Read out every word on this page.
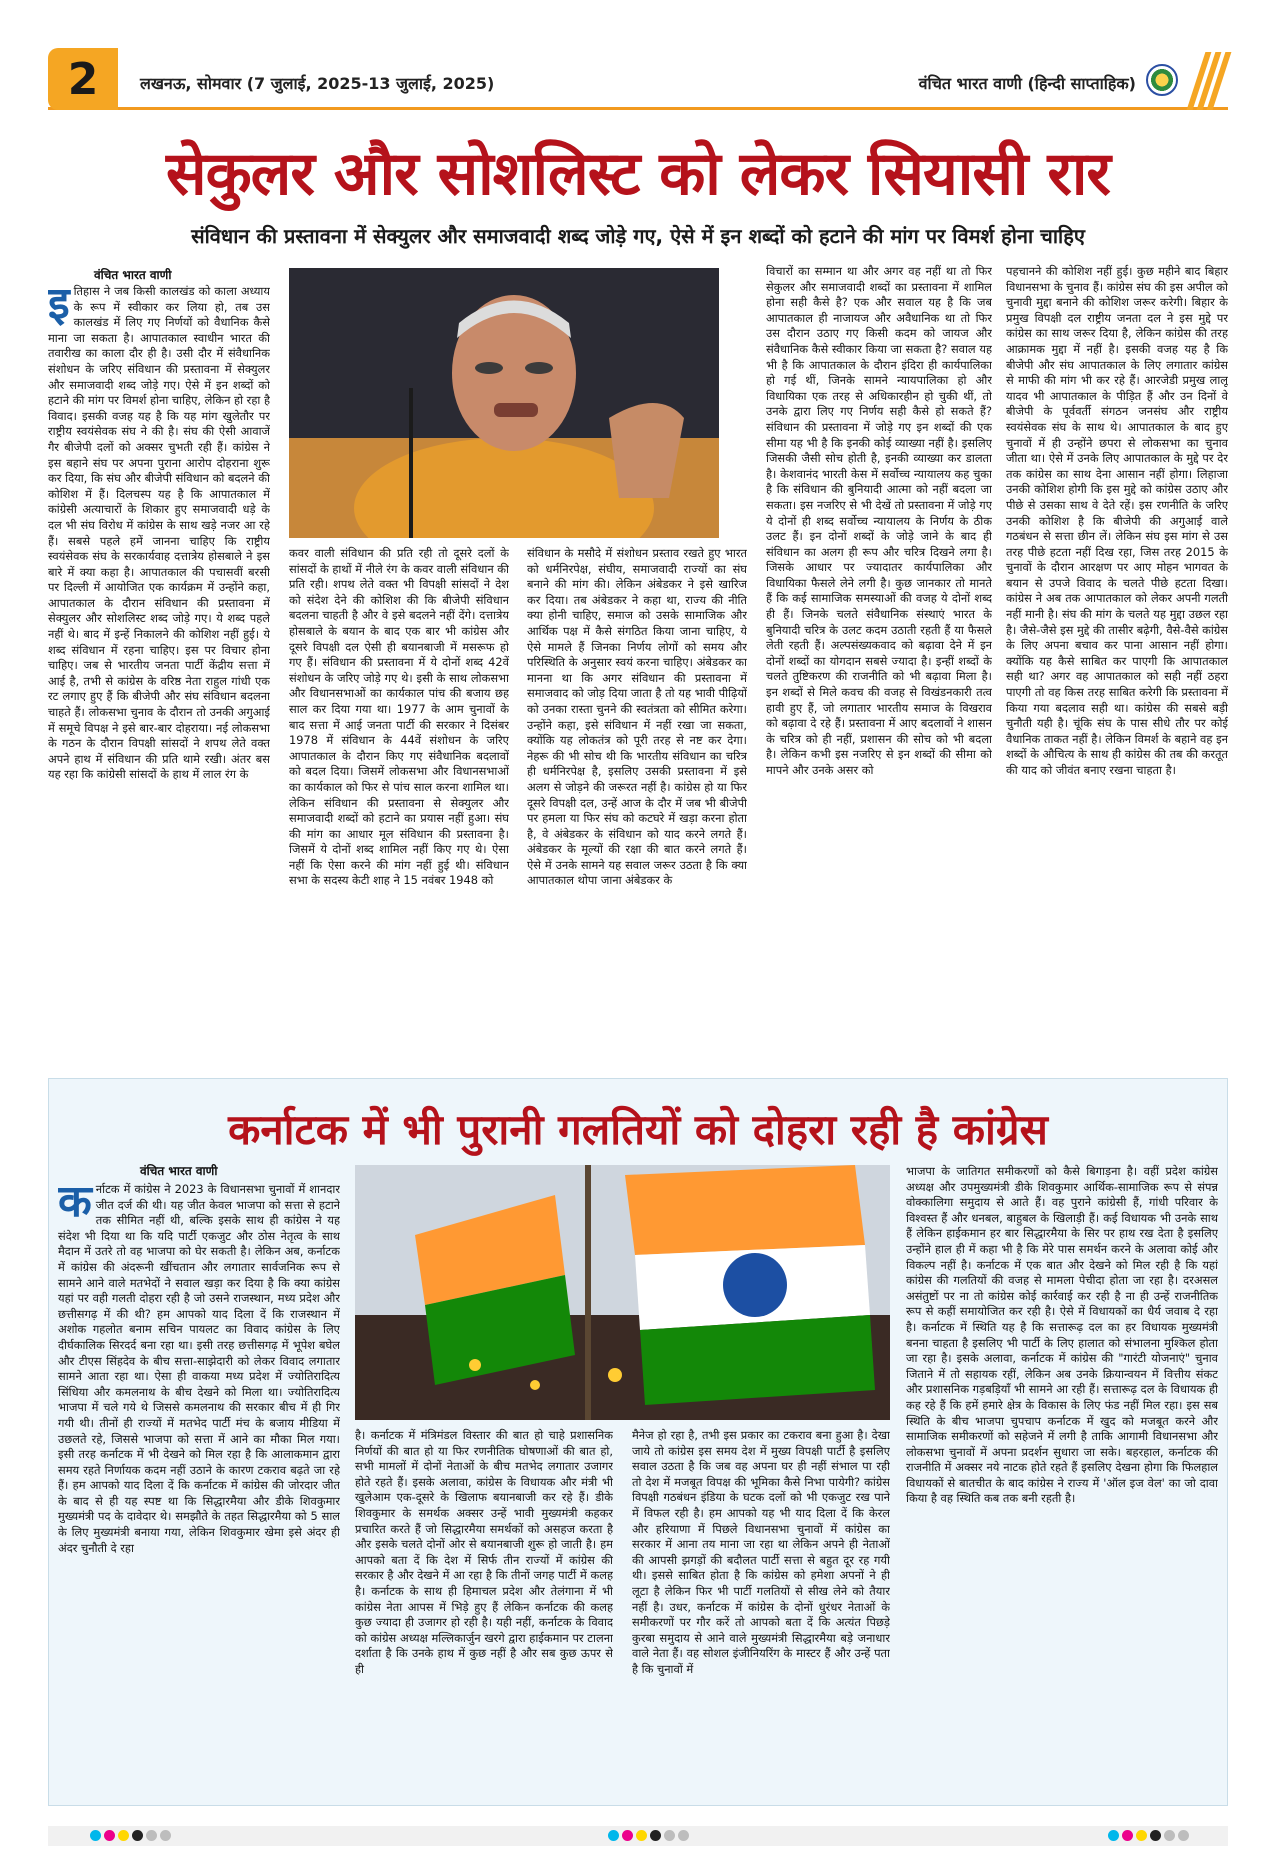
2	लखनऊ, सोमवार (7 जुलाई, 2025-13 जुलाई, 2025)	वंचित भारत वाणी (हिन्दी साप्ताहिक)
सेकुलर और सोशलिस्ट को लेकर सियासी रार
संविधान की प्रस्तावना में सेक्युलर और समाजवादी शब्द जोड़े गए, ऐसे में इन शब्दों को हटाने की मांग पर विमर्श होना चाहिए
वंचित भारत वाणी
इतिहास ने जब किसी कालखंड को काला अध्याय के रूप में स्वीकार कर लिया हो, तब उस कालखंड में लिए गए निर्णयों को वैधानिक कैसे माना जा सकता है। आपातकाल स्वाधीन भारत की तवारीख का काला दौर ही है। उसी दौर में संवैधानिक संशोधन के जरिए संविधान की प्रस्तावना में सेक्युलर और समाजवादी शब्द जोड़े गए। ऐसे में इन शब्दों को हटाने की मांग पर विमर्श होना चाहिए, लेकिन हो रहा है विवाद। इसकी वजह यह है कि यह मांग खुलेतौर पर राष्ट्रीय स्वयंसेवक संघ ने की है। संघ की ऐसी आवाजें गैर बीजेपी दलों को अक्सर चुभती रही हैं। कांग्रेस ने इस बहाने संघ पर अपना पुराना आरोप दोहराना शुरू कर दिया, कि संघ और बीजेपी संविधान को बदलने की कोशिश में हैं। दिलचस्प यह है कि आपातकाल में कांग्रेसी अत्याचारों के शिकार हुए समाजवादी धड़े के दल भी संघ विरोध में कांग्रेस के साथ खड़े नजर आ रहे हैं। सबसे पहले हमें जानना चाहिए कि राष्ट्रीय स्वयंसेवक संघ के सरकार्यवाह दत्तात्रेय होसबाले ने इस बारे में क्या कहा है। आपातकाल की पचासवीं बरसी पर दिल्ली में आयोजित एक कार्यक्रम में उन्होंने कहा, आपातकाल के दौरान संविधान की प्रस्तावना में सेक्युलर और सोशलिस्ट शब्द जोड़े गए। ये शब्द पहले नहीं थे। बाद में इन्हें निकालने की कोशिश नहीं हुई। ये शब्द संविधान में रहना चाहिए। इस पर विचार होना चाहिए। जब से भारतीय जनता पार्टी केंद्रीय सत्ता में आई है, तभी से कांग्रेस के वरिष्ठ नेता राहुल गांधी एक रट लगाए हुए हैं कि बीजेपी और संघ संविधान बदलना चाहते हैं। लोकसभा चुनाव के दौरान तो उनकी अगुआई में समूचे विपक्ष ने इसे बार-बार दोहराया। नई लोकसभा के गठन के दौरान विपक्षी सांसदों ने शपथ लेते वक्त अपने हाथ में संविधान की प्रति थामे रखी। अंतर बस यह रहा कि कांग्रेसी सांसदों के हाथ में लाल रंग के
कवर वाली संविधान की प्रति रही तो दूसरे दलों के सांसदों के हाथों में नीले रंग के कवर वाली संविधान की प्रति रही। शपथ लेते वक्त भी विपक्षी सांसदों ने देश को संदेश देने की कोशिश की कि बीजेपी संविधान बदलना चाहती है और वे इसे बदलने नहीं देंगे। दत्तात्रेय होसबाले के बयान के बाद एक बार भी कांग्रेस और दूसरे विपक्षी दल ऐसी ही बयानबाजी में मसरूफ हो गए हैं। संविधान की प्रस्तावना में ये दोनों शब्द 42वें संशोधन के जरिए जोड़े गए थे। इसी के साथ लोकसभा और विधानसभाओं का कार्यकाल पांच की बजाय छह साल कर दिया गया था। 1977 के आम चुनावों के बाद सत्ता में आई जनता पार्टी की सरकार ने दिसंबर 1978 में संविधान के 44वें संशोधन के जरिए आपातकाल के दौरान किए गए संवैधानिक बदलावों को बदल दिया। जिसमें लोकसभा और विधानसभाओं का कार्यकाल को फिर से पांच साल करना शामिल था। लेकिन संविधान की प्रस्तावना से सेक्युलर और समाजवादी शब्दों को हटाने का प्रयास नहीं हुआ। संघ की मांग का आधार मूल संविधान की प्रस्तावना है। जिसमें ये दोनों शब्द शामिल नहीं किए गए थे। ऐसा नहीं कि ऐसा करने की मांग नहीं हुई थी। संविधान सभा के सदस्य केटी शाह ने 15 नवंबर 1948 को
संविधान के मसौदे में संशोधन प्रस्ताव रखते हुए भारत को धर्मनिरपेक्ष, संघीय, समाजवादी राज्यों का संघ बनाने की मांग की। लेकिन अंबेडकर ने इसे खारिज कर दिया। तब अंबेडकर ने कहा था, राज्य की नीति क्या होनी चाहिए, समाज को उसके सामाजिक और आर्थिक पक्ष में कैसे संगठित किया जाना चाहिए, ये ऐसे मामले हैं जिनका निर्णय लोगों को समय और परिस्थिति के अनुसार स्वयं करना चाहिए। अंबेडकर का मानना था कि अगर संविधान की प्रस्तावना में समाजवाद को जोड़ दिया जाता है तो यह भावी पीढ़ियों को उनका रास्ता चुनने की स्वतंत्रता को सीमित करेगा। उन्होंने कहा, इसे संविधान में नहीं रखा जा सकता, क्योंकि यह लोकतंत्र को पूरी तरह से नष्ट कर देगा। नेहरू की भी सोच थी कि भारतीय संविधान का चरित्र ही धर्मनिरपेक्ष है, इसलिए उसकी प्रस्तावना में इसे अलग से जोड़ने की जरूरत नहीं है। कांग्रेस हो या फिर दूसरे विपक्षी दल, उन्हें आज के दौर में जब भी बीजेपी पर हमला या फिर संघ को कटघरे में खड़ा करना होता है, वे अंबेडकर के संविधान को याद करने लगते हैं। अंबेडकर के मूल्यों की रक्षा की बात करने लगते हैं। ऐसे में उनके सामने यह सवाल जरूर उठता है कि क्या आपातकाल थोपा जाना अंबेडकर के
विचारों का सम्मान था और अगर वह नहीं था तो फिर सेकुलर और समाजवादी शब्दों का प्रस्तावना में शामिल होना सही कैसे है? एक और सवाल यह है कि जब आपातकाल ही नाजायज और अवैधानिक था तो फिर उस दौरान उठाए गए किसी कदम को जायज और संवैधानिक कैसे स्वीकार किया जा सकता है? सवाल यह भी है कि आपातकाल के दौरान इंदिरा ही कार्यपालिका हो गई थीं, जिनके सामने न्यायपालिका हो और विधायिका एक तरह से अधिकारहीन हो चुकी थीं, तो उनके द्वारा लिए गए निर्णय सही कैसे हो सकते हैं? संविधान की प्रस्तावना में जोड़े गए इन शब्दों की एक सीमा यह भी है कि इनकी कोई व्याख्या नहीं है। इसलिए जिसकी जैसी सोच होती है, इनकी व्याख्या कर डालता है। केशवानंद भारती केस में सर्वोच्च न्यायालय कह चुका है कि संविधान की बुनियादी आत्मा को नहीं बदला जा सकता। इस नजरिए से भी देखें तो प्रस्तावना में जोड़े गए ये दोनों ही शब्द सर्वोच्च न्यायालय के निर्णय के ठीक उलट हैं। इन दोनों शब्दों के जोड़े जाने के बाद ही संविधान का अलग ही रूप और चरित्र दिखने लगा है। जिसके आधार पर ज्यादातर कार्यपालिका और विधायिका फैसले लेने लगी है। कुछ जानकार तो मानते हैं कि कई सामाजिक समस्याओं की वजह ये दोनों शब्द ही हैं। जिनके चलते संवैधानिक संस्थाएं भारत के बुनियादी चरित्र के उलट कदम उठाती रहती हैं या फैसले लेती रहती हैं। अल्पसंख्यकवाद को बढ़ावा देने में इन दोनों शब्दों का योगदान सबसे ज्यादा है। इन्हीं शब्दों के चलते तुष्टिकरण की राजनीति को भी बढ़ावा मिला है। इन शब्दों से मिले कवच की वजह से विखंडनकारी तत्व हावी हुए हैं, जो लगातार भारतीय समाज के विखराव को बढ़ावा दे रहे हैं। प्रस्तावना में आए बदलावों ने शासन के चरित्र को ही नहीं, प्रशासन की सोच को भी बदला है। लेकिन कभी इस नजरिए से इन शब्दों की सीमा को मापने और उनके असर को
पहचानने की कोशिश नहीं हुई। कुछ महीने बाद बिहार विधानसभा के चुनाव हैं। कांग्रेस संघ की इस अपील को चुनावी मुद्दा बनाने की कोशिश जरूर करेगी। बिहार के प्रमुख विपक्षी दल राष्ट्रीय जनता दल ने इस मुद्दे पर कांग्रेस का साथ जरूर दिया है, लेकिन कांग्रेस की तरह आक्रामक मुद्दा में नहीं है। इसकी वजह यह है कि बीजेपी और संघ आपातकाल के लिए लगातार कांग्रेस से माफी की मांग भी कर रहे हैं। आरजेडी प्रमुख लालू यादव भी आपातकाल के पीड़ित हैं और उन दिनों वे बीजेपी के पूर्ववर्ती संगठन जनसंघ और राष्ट्रीय स्वयंसेवक संघ के साथ थे। आपातकाल के बाद हुए चुनावों में ही उन्होंने छपरा से लोकसभा का चुनाव जीता था। ऐसे में उनके लिए आपातकाल के मुद्दे पर देर तक कांग्रेस का साथ देना आसान नहीं होगा। लिहाजा उनकी कोशिश होगी कि इस मुद्दे को कांग्रेस उठाए और पीछे से उसका साथ वे देते रहें। इस रणनीति के जरिए उनकी कोशिश है कि बीजेपी की अगुआई वाले गठबंधन से सत्ता छीन लें। लेकिन संघ इस मांग से उस तरह पीछे हटता नहीं दिख रहा, जिस तरह 2015 के चुनावों के दौरान आरक्षण पर आए मोहन भागवत के बयान से उपजे विवाद के चलते पीछे हटता दिखा। कांग्रेस ने अब तक आपातकाल को लेकर अपनी गलती नहीं मानी है। संघ की मांग के चलते यह मुद्दा उछल रहा है। जैसे-जैसे इस मुद्दे की तासीर बढ़ेगी, वैसे-वैसे कांग्रेस के लिए अपना बचाव कर पाना आसान नहीं होगा। क्योंकि यह कैसे साबित कर पाएगी कि आपातकाल सही था? अगर वह आपातकाल को सही नहीं ठहरा पाएगी तो वह किस तरह साबित करेगी कि प्रस्तावना में किया गया बदलाव सही था। कांग्रेस की सबसे बड़ी चुनौती यही है। चूंकि संघ के पास सीधे तौर पर कोई वैधानिक ताकत नहीं है। लेकिन विमर्श के बहाने वह इन शब्दों के औचित्य के साथ ही कांग्रेस की तब की करतूत की याद को जीवंत बनाए रखना चाहता है।
कर्नाटक में भी पुरानी गलतियों को दोहरा रही है कांग्रेस
वंचित भारत वाणी
कर्नाटक में कांग्रेस ने 2023 के विधानसभा चुनावों में शानदार जीत दर्ज की थी। यह जीत केवल भाजपा को सत्ता से हटाने तक सीमित नहीं थी, बल्कि इसके साथ ही कांग्रेस ने यह संदेश भी दिया था कि यदि पार्टी एकजुट और ठोस नेतृत्व के साथ मैदान में उतरे तो वह भाजपा को घेर सकती है। लेकिन अब, कर्नाटक में कांग्रेस की अंदरूनी खींचतान और लगातार सार्वजनिक रूप से सामने आने वाले मतभेदों ने सवाल खड़ा कर दिया है कि क्या कांग्रेस यहां पर वही गलती दोहरा रही है जो उसने राजस्थान, मध्य प्रदेश और छत्तीसगढ़ में की थी? हम आपको याद दिला दें कि राजस्थान में अशोक गहलोत बनाम सचिन पायलट का विवाद कांग्रेस के लिए दीर्घकालिक सिरदर्द बना रहा था। इसी तरह छत्तीसगढ़ में भूपेश बघेल और टीएस सिंहदेव के बीच सत्ता-साझेदारी को लेकर विवाद लगातार सामने आता रहा था। ऐसा ही वाकया मध्य प्रदेश में ज्योतिरादित्य सिंधिया और कमलनाथ के बीच देखने को मिला था। ज्योतिरादित्य भाजपा में चले गये थे जिससे कमलनाथ की सरकार बीच में ही गिर गयी थी। तीनों ही राज्यों में मतभेद पार्टी मंच के बजाय मीडिया में उछलते रहे, जिससे भाजपा को सत्ता में आने का मौका मिल गया। इसी तरह कर्नाटक में भी देखने को मिल रहा है कि आलाकमान द्वारा समय रहते निर्णायक कदम नहीं उठाने के कारण टकराव बढ़ते जा रहे हैं। हम आपको याद दिला दें कि कर्नाटक में कांग्रेस की जोरदार जीत के बाद से ही यह स्पष्ट था कि सिद्धारमैया और डीके शिवकुमार मुख्यमंत्री पद के दावेदार थे। समझौते के तहत सिद्धारमैया को 5 साल के लिए मुख्यमंत्री बनाया गया, लेकिन शिवकुमार खेमा इसे अंदर ही अंदर चुनौती दे रहा
है। कर्नाटक में मंत्रिमंडल विस्तार की बात हो चाहे प्रशासनिक निर्णयों की बात हो या फिर रणनीतिक घोषणाओं की बात हो, सभी मामलों में दोनों नेताओं के बीच मतभेद लगातार उजागर होते रहते हैं। इसके अलावा, कांग्रेस के विधायक और मंत्री भी खुलेआम एक-दूसरे के खिलाफ बयानबाजी कर रहे हैं। डीके शिवकुमार के समर्थक अक्सर उन्हें भावी मुख्यमंत्री कहकर प्रचारित करते हैं जो सिद्धारमैया समर्थकों को असहज करता है और इसके चलते दोनों ओर से बयानबाजी शुरू हो जाती है। हम आपको बता दें कि देश में सिर्फ तीन राज्यों में कांग्रेस की सरकार है और देखने में आ रहा है कि तीनों जगह पार्टी में कलह है। कर्नाटक के साथ ही हिमाचल प्रदेश और तेलंगाना में भी कांग्रेस नेता आपस में भिड़े हुए हैं लेकिन कर्नाटक की कलह कुछ ज्यादा ही उजागर हो रही है। यही नहीं, कर्नाटक के विवाद को कांग्रेस अध्यक्ष मल्लिकार्जुन खरगे द्वारा हाईकमान पर टालना दर्शाता है कि उनके हाथ में कुछ नहीं है और सब कुछ ऊपर से ही
मैनेज हो रहा है, तभी इस प्रकार का टकराव बना हुआ है। देखा जाये तो कांग्रेस इस समय देश में मुख्य विपक्षी पार्टी है इसलिए सवाल उठता है कि जब वह अपना घर ही नहीं संभाल पा रही तो देश में मजबूत विपक्ष की भूमिका कैसे निभा पायेगी? कांग्रेस विपक्षी गठबंधन इंडिया के घटक दलों को भी एकजुट रख पाने में विफल रही है। हम आपको यह भी याद दिला दें कि केरल और हरियाणा में पिछले विधानसभा चुनावों में कांग्रेस का सरकार में आना तय माना जा रहा था लेकिन अपने ही नेताओं की आपसी झगड़ों की बदौलत पार्टी सत्ता से बहुत दूर रह गयी थी। इससे साबित होता है कि कांग्रेस को हमेशा अपनों ने ही लूटा है लेकिन फिर भी पार्टी गलतियों से सीख लेने को तैयार नहीं है। उधर, कर्नाटक में कांग्रेस के दोनों धुरंधर नेताओं के समीकरणों पर गौर करें तो आपको बता दें कि अत्यंत पिछड़े कुरबा समुदाय से आने वाले मुख्यमंत्री सिद्धारमैया बड़े जनाधार वाले नेता हैं। वह सोशल इंजीनियरिंग के मास्टर हैं और उन्हें पता है कि चुनावों में
भाजपा के जातिगत समीकरणों को कैसे बिगाड़ना है। वहीं प्रदेश कांग्रेस अध्यक्ष और उपमुख्यमंत्री डीके शिवकुमार आर्थिक-सामाजिक रूप से संपन्न वोक्कालिगा समुदाय से आते हैं। वह पुराने कांग्रेसी हैं, गांधी परिवार के विश्वस्त हैं और धनबल, बाहुबल के खिलाड़ी हैं। कई विधायक भी उनके साथ हैं लेकिन हाईकमान हर बार सिद्धारमैया के सिर पर हाथ रख देता है इसलिए उन्होंने हाल ही में कहा भी है कि मेरे पास समर्थन करने के अलावा कोई और विकल्प नहीं है। कर्नाटक में एक बात और देखने को मिल रही है कि यहां कांग्रेस की गलतियों की वजह से मामला पेचीदा होता जा रहा है। दरअसल असंतुष्टों पर ना तो कांग्रेस कोई कार्रवाई कर रही है ना ही उन्हें राजनीतिक रूप से कहीं समायोजित कर रही है। ऐसे में विधायकों का धैर्य जवाब दे रहा है। कर्नाटक में स्थिति यह है कि सत्तारूढ़ दल का हर विधायक मुख्यमंत्री बनना चाहता है इसलिए भी पार्टी के लिए हालात को संभालना मुश्किल होता जा रहा है। इसके अलावा, कर्नाटक में कांग्रेस की "गारंटी योजनाएं" चुनाव जिताने में तो सहायक रहीं, लेकिन अब उनके क्रियान्वयन में वित्तीय संकट और प्रशासनिक गड़बड़ियाँ भी सामने आ रही हैं। सत्तारूढ़ दल के विधायक ही कह रहे हैं कि हमें हमारे क्षेत्र के विकास के लिए फंड नहीं मिल रहा। इस सब स्थिति के बीच भाजपा चुपचाप कर्नाटक में खुद को मजबूत करने और सामाजिक समीकरणों को सहेजने में लगी है ताकि आगामी विधानसभा और लोकसभा चुनावों में अपना प्रदर्शन सुधारा जा सके। बहरहाल, कर्नाटक की राजनीति में अक्सर नये नाटक होते रहते हैं इसलिए देखना होगा कि फिलहाल विधायकों से बातचीत के बाद कांग्रेस ने राज्य में 'ऑल इज वेल' का जो दावा किया है वह स्थिति कब तक बनी रहती है।
